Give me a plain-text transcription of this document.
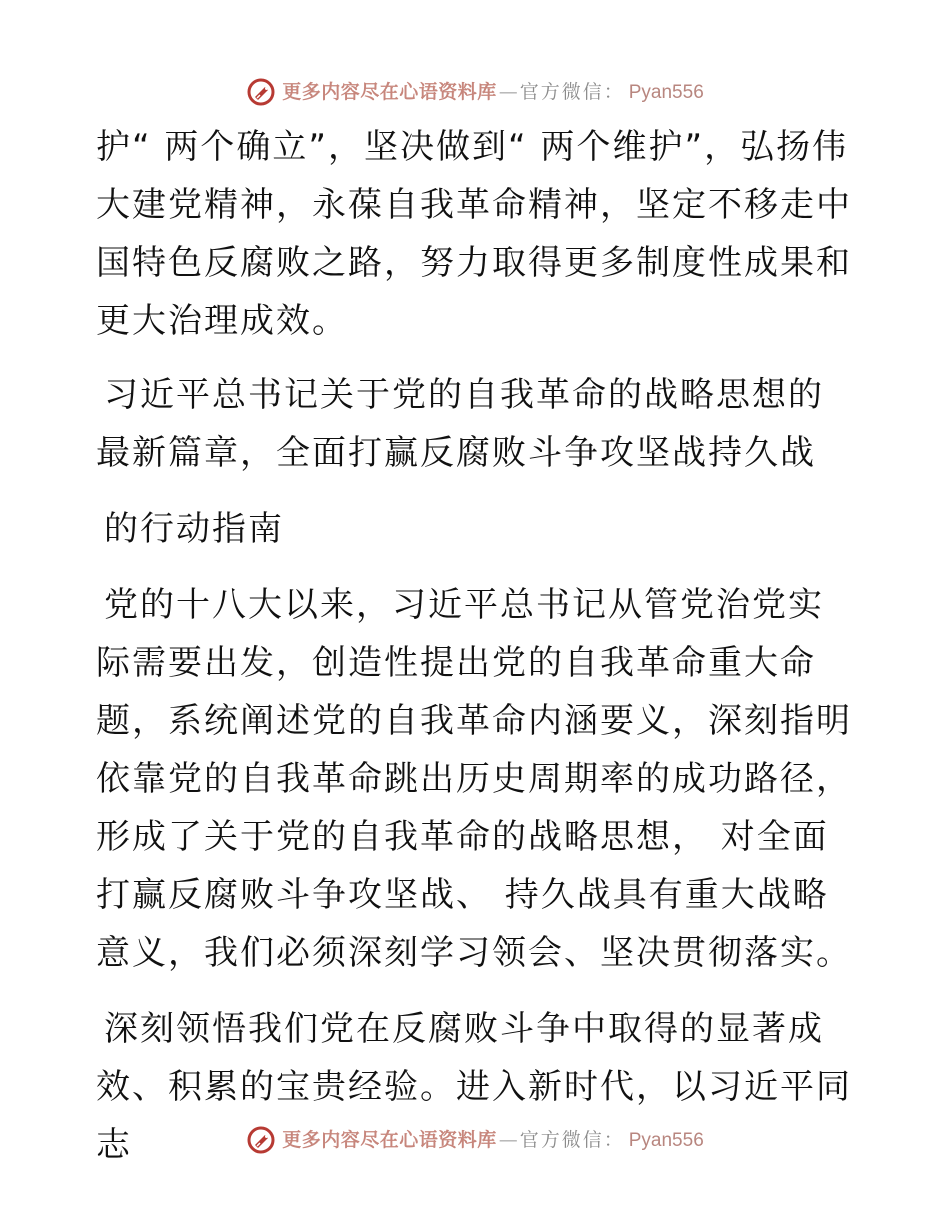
更多内容尽在心语资料库 — 官方微信： Pyan556

护“ 两个确立”，坚决做到“ 两个维护”，弘扬伟大建党精神，永葆自我革命精神，坚定不移走中国特色反腐败之路，努力取得更多制度性成果和更大治理成效。

习近平总书记关于党的自我革命的战略思想的最新篇章，全面打赢反腐败斗争攻坚战持久战

的行动指南

党的十八大以来，习近平总书记从管党治党实际需要出发，创造性提出党的自我革命重大命题，系统阐述党的自我革命内涵要义，深刻指明依靠党的自我革命跳出历史周期率的成功路径，形成了关于党的自我革命的战略思想， 对全面打赢反腐败斗争攻坚战、 持久战具有重大战略意义，我们必须深刻学习领会、坚决贯彻落实。

深刻领悟我们党在反腐败斗争中取得的显著成效、积累的宝贵经验。进入新时代，以习近平同志	更多内容尽在心语资料库 — 官方微信： Pyan556
